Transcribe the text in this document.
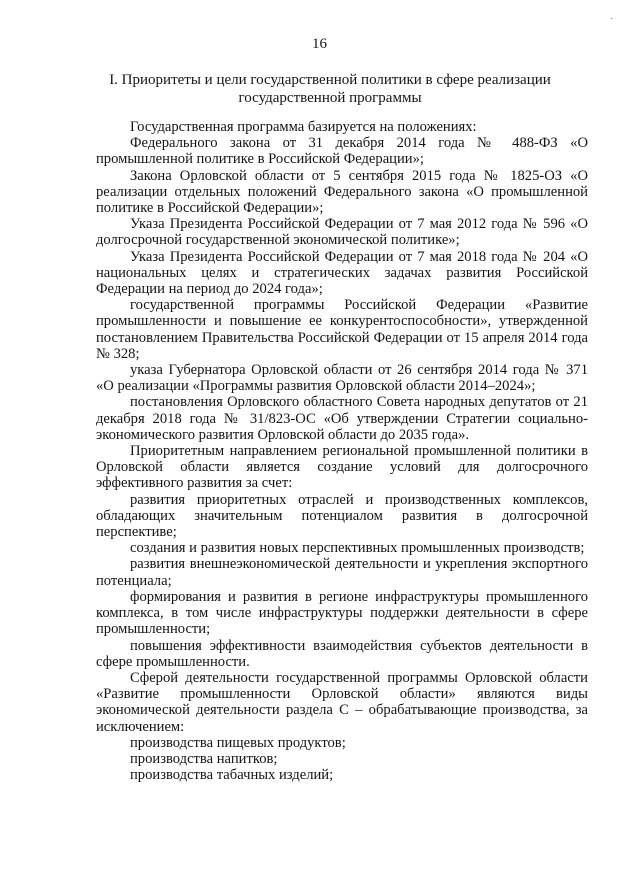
·
16
I. Приоритеты и цели государственной политики в сфере реализации государственной программы

Государственная программа базируется на положениях:

Федерального закона от 31 декабря 2014 года № 488-ФЗ «О промышленной политике в Российской Федерации»;

Закона Орловской области от 5 сентября 2015 года № 1825-ОЗ «О реализации отдельных положений Федерального закона «О промышленной политике в Российской Федерации»;

Указа Президента Российской Федерации от 7 мая 2012 года № 596 «О долгосрочной государственной экономической политике»;

Указа Президента Российской Федерации от 7 мая 2018 года № 204 «О национальных целях и стратегических задачах развития Российской Федерации на период до 2024 года»;

государственной программы Российской Федерации «Развитие промышленности и повышение ее конкурентоспособности», утвержденной постановлением Правительства Российской Федерации от 15 апреля 2014 года № 328;

указа Губернатора Орловской области от 26 сентября 2014 года № 371 «О реализации «Программы развития Орловской области 2014–2024»;

постановления Орловского областного Совета народных депутатов от 21 декабря 2018 года № 31/823-ОС «Об утверждении Стратегии социально-экономического развития Орловской области до 2035 года».

Приоритетным направлением региональной промышленной политики в Орловской области является создание условий для долгосрочного эффективного развития за счет:

развития приоритетных отраслей и производственных комплексов, обладающих значительным потенциалом развития в долгосрочной перспективе;

создания и развития новых перспективных промышленных производств;

развития внешнеэкономической деятельности и укрепления экспортного потенциала;

формирования и развития в регионе инфраструктуры промышленного комплекса, в том числе инфраструктуры поддержки деятельности в сфере промышленности;

повышения эффективности взаимодействия субъектов деятельности в сфере промышленности.

Сферой деятельности государственной программы Орловской области «Развитие промышленности Орловской области» являются виды экономической деятельности раздела С – обрабатывающие производства, за исключением:

производства пищевых продуктов;

производства напитков;

производства табачных изделий;
